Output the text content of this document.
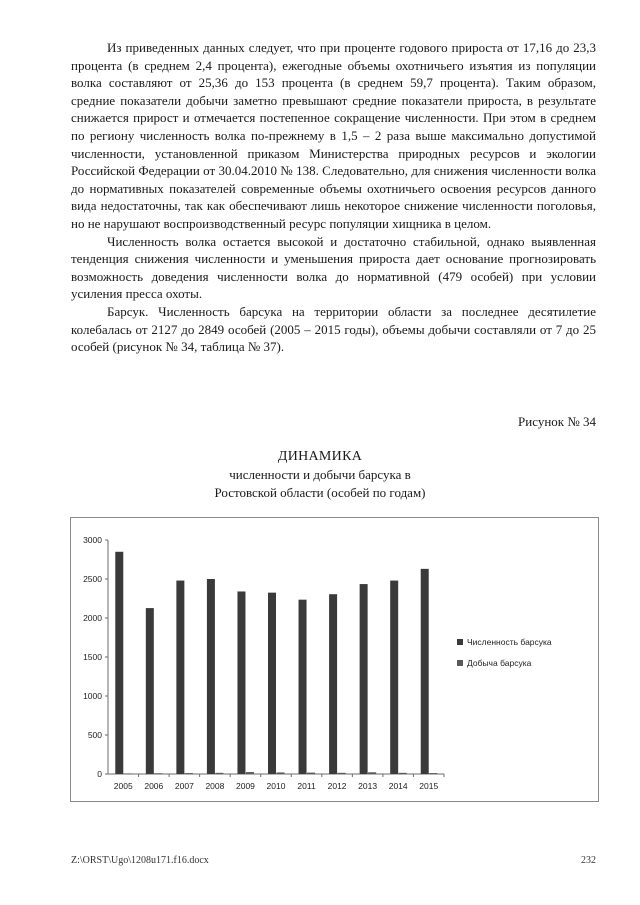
Из приведенных данных следует, что при проценте годового прироста от 17,16 до 23,3 процента (в среднем 2,4 процента), ежегодные объемы охотничьего изъятия из популяции волка составляют от 25,36 до 153 процента (в среднем 59,7 процента). Таким образом, средние показатели добычи заметно превышают средние показатели прироста, в результате снижается прирост и отмечается постепенное сокращение численности. При этом в среднем по региону численность волка по-прежнему в 1,5 – 2 раза выше максимально допустимой численности, установленной приказом Министерства природных ресурсов и экологии Российской Федерации от 30.04.2010 № 138. Следовательно, для снижения численности волка до нормативных показателей современные объемы охотничьего освоения ресурсов данного вида недостаточны, так как обеспечивают лишь некоторое снижение численности поголовья, но не нарушают воспроизводственный ресурс популяции хищника в целом.

Численность волка остается высокой и достаточно стабильной, однако выявленная тенденция снижения численности и уменьшения прироста дает основание прогнозировать возможность доведения численности волка до нормативной (479 особей) при условии усиления пресса охоты.

Барсук. Численность барсука на территории области за последнее десятилетие колебалась от 2127 до 2849 особей (2005 – 2015 годы), объемы добычи составляли от 7 до 25 особей (рисунок № 34, таблица № 37).

Рисунок № 34
ДИНАМИКА
численности и добычи барсука в
Ростовской области (особей по годам)
0
500
1000
1500
2000
2500
3000
2005 2006 2007 2008 2009 2010 2011 2012 2013 2014 2015
Численность барсука
Добыча барсука
Z:\ORST\Ugo\1208u171.f16.docx	232
